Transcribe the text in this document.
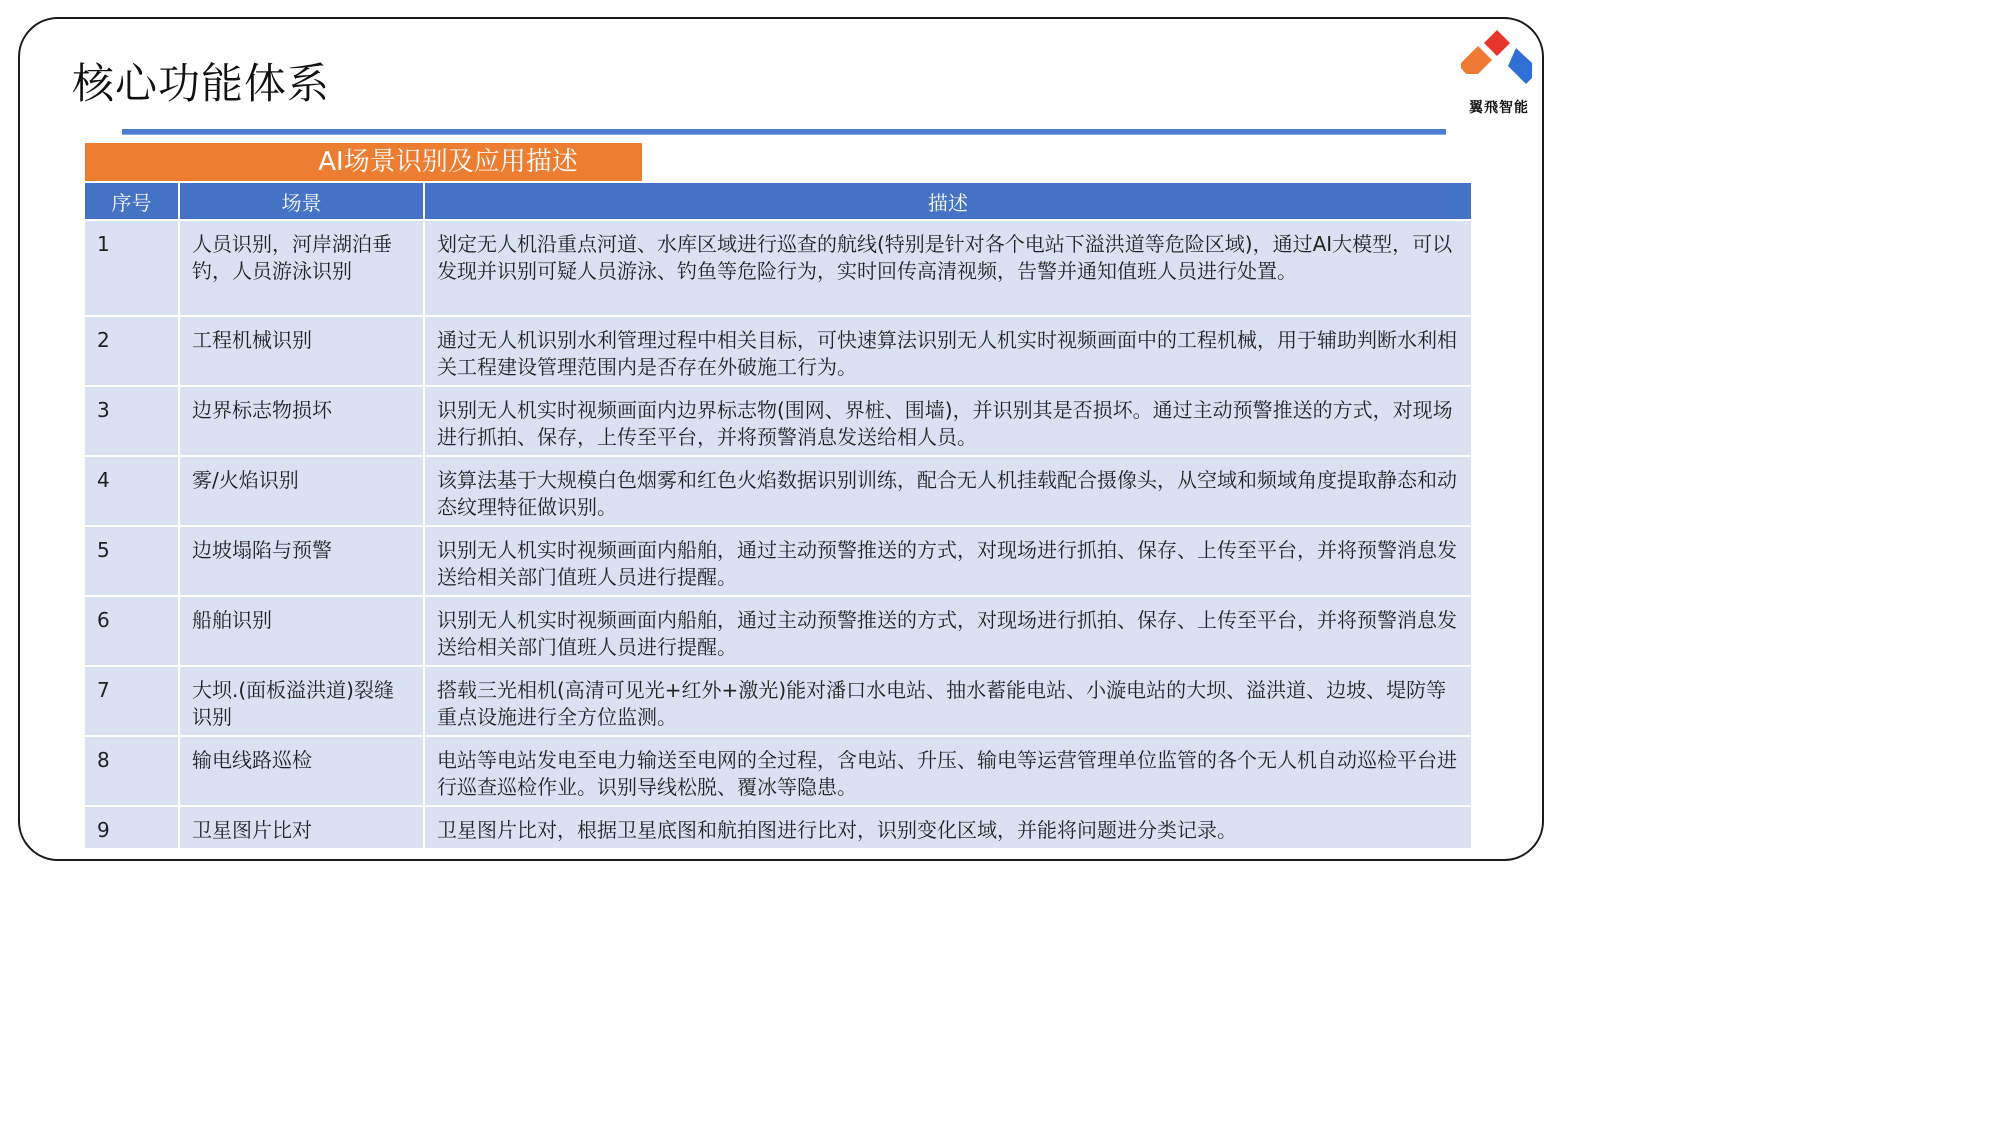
核心功能体系	翼飛智能
AI场景识别及应用描述
序号	场景	描述
1	人员识别，河岸湖泊垂钓，人员游泳识别	划定无人机沿重点河道、水库区域进行巡查的航线(特别是针对各个电站下溢洪道等危险区域)，通过AI大模型，可以发现并识别可疑人员游泳、钓鱼等危险行为，实时回传高清视频，告警并通知值班人员进行处置。
2	工程机械识别	通过无人机识别水利管理过程中相关目标，可快速算法识别无人机实时视频画面中的工程机械，用于辅助判断水利相关工程建设管理范围内是否存在外破施工行为。
3	边界标志物损坏	识别无人机实时视频画面内边界标志物(围网、界桩、围墙)，并识别其是否损坏。通过主动预警推送的方式，对现场进行抓拍、保存，上传至平台，并将预警消息发送给相人员。
4	雾/火焰识别	该算法基于大规模白色烟雾和红色火焰数据识别训练，配合无人机挂载配合摄像头，从空域和频域角度提取静态和动态纹理特征做识别。
5	边坡塌陷与预警	识别无人机实时视频画面内船舶，通过主动预警推送的方式，对现场进行抓拍、保存、上传至平台，并将预警消息发送给相关部门值班人员进行提醒。
6	船舶识别	识别无人机实时视频画面内船舶，通过主动预警推送的方式，对现场进行抓拍、保存、上传至平台，并将预警消息发送给相关部门值班人员进行提醒。
7	大坝.(面板溢洪道)裂缝识别	搭载三光相机(高清可见光+红外+激光)能对潘口水电站、抽水蓄能电站、小漩电站的大坝、溢洪道、边坡、堤防等重点设施进行全方位监测。
8	输电线路巡检	电站等电站发电至电力输送至电网的全过程，含电站、升压、输电等运营管理单位监管的各个无人机自动巡检平台进行巡查巡检作业。识别导线松脱、覆冰等隐患。
9	卫星图片比对	卫星图片比对，根据卫星底图和航拍图进行比对，识别变化区域，并能将问题进分类记录。
